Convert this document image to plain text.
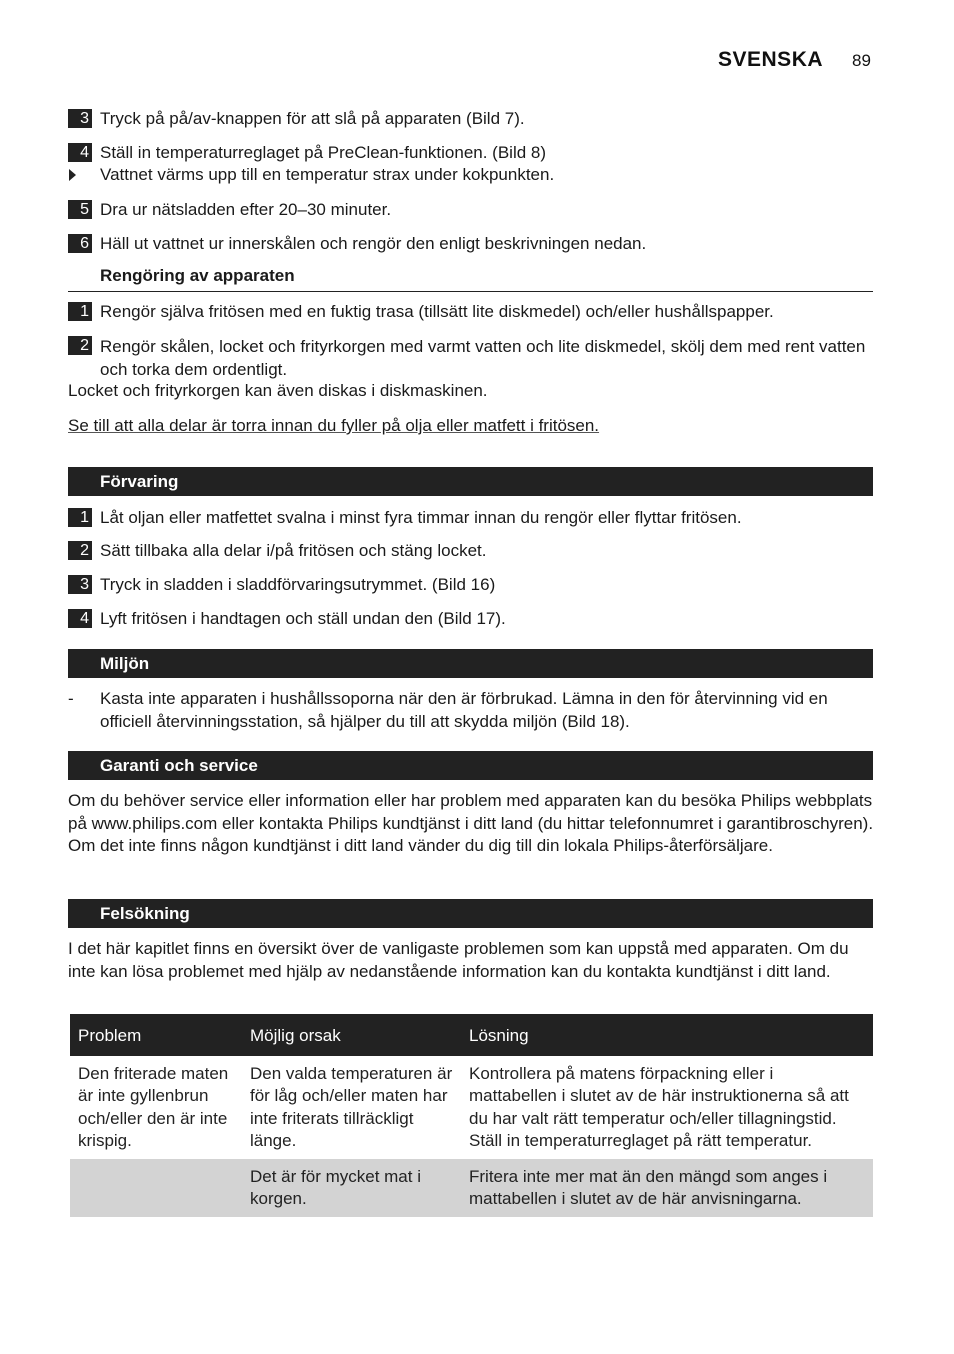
SVENSKA 89
3 Tryck på på/av-knappen för att slå på apparaten (Bild 7).
4 Ställ in temperaturreglaget på PreClean-funktionen. (Bild 8)
Vattnet värms upp till en temperatur strax under kokpunkten.
5 Dra ur nätsladden efter 20–30 minuter.
6 Häll ut vattnet ur innerskålen och rengör den enligt beskrivningen nedan.
Rengöring av apparaten
1 Rengör själva fritösen med en fuktig trasa (tillsätt lite diskmedel) och/eller hushållspapper.
2 Rengör skålen, locket och frityrkorgen med varmt vatten och lite diskmedel, skölj dem med rent vatten och torka dem ordentligt.
Locket och frityrkorgen kan även diskas i diskmaskinen.
Se till att alla delar är torra innan du fyller på olja eller matfett i fritösen.
Förvaring
1 Låt oljan eller matfettet svalna i minst fyra timmar innan du rengör eller flyttar fritösen.
2 Sätt tillbaka alla delar i/på fritösen och stäng locket.
3 Tryck in sladden i sladdförvaringsutrymmet. (Bild 16)
4 Lyft fritösen i handtagen och ställ undan den (Bild 17).
Miljön
-	Kasta inte apparaten i hushållssoporna när den är förbrukad. Lämna in den för återvinning vid en officiell återvinningsstation, så hjälper du till att skydda miljön (Bild 18).
Garanti och service
Om du behöver service eller information eller har problem med apparaten kan du besöka Philips webbplats på www.philips.com eller kontakta Philips kundtjänst i ditt land (du hittar telefonnumret i garantibroschyren). Om det inte finns någon kundtjänst i ditt land vänder du dig till din lokala Philips-återförsäljare.
Felsökning
I det här kapitlet finns en översikt över de vanligaste problemen som kan uppstå med apparaten. Om du inte kan lösa problemet med hjälp av nedanstående information kan du kontakta kundtjänst i ditt land.
Problem	Möjlig orsak	Lösning
Den friterade maten är inte gyllenbrun och/eller den är inte krispig.	Den valda temperaturen är för låg och/eller maten har inte friterats tillräckligt länge.	Kontrollera på matens förpackning eller i mattabellen i slutet av de här instruktionerna så att du har valt rätt temperatur och/eller tillagningstid. Ställ in temperaturreglaget på rätt temperatur.
	Det är för mycket mat i korgen.	Fritera inte mer mat än den mängd som anges i mattabellen i slutet av de här anvisningarna.
